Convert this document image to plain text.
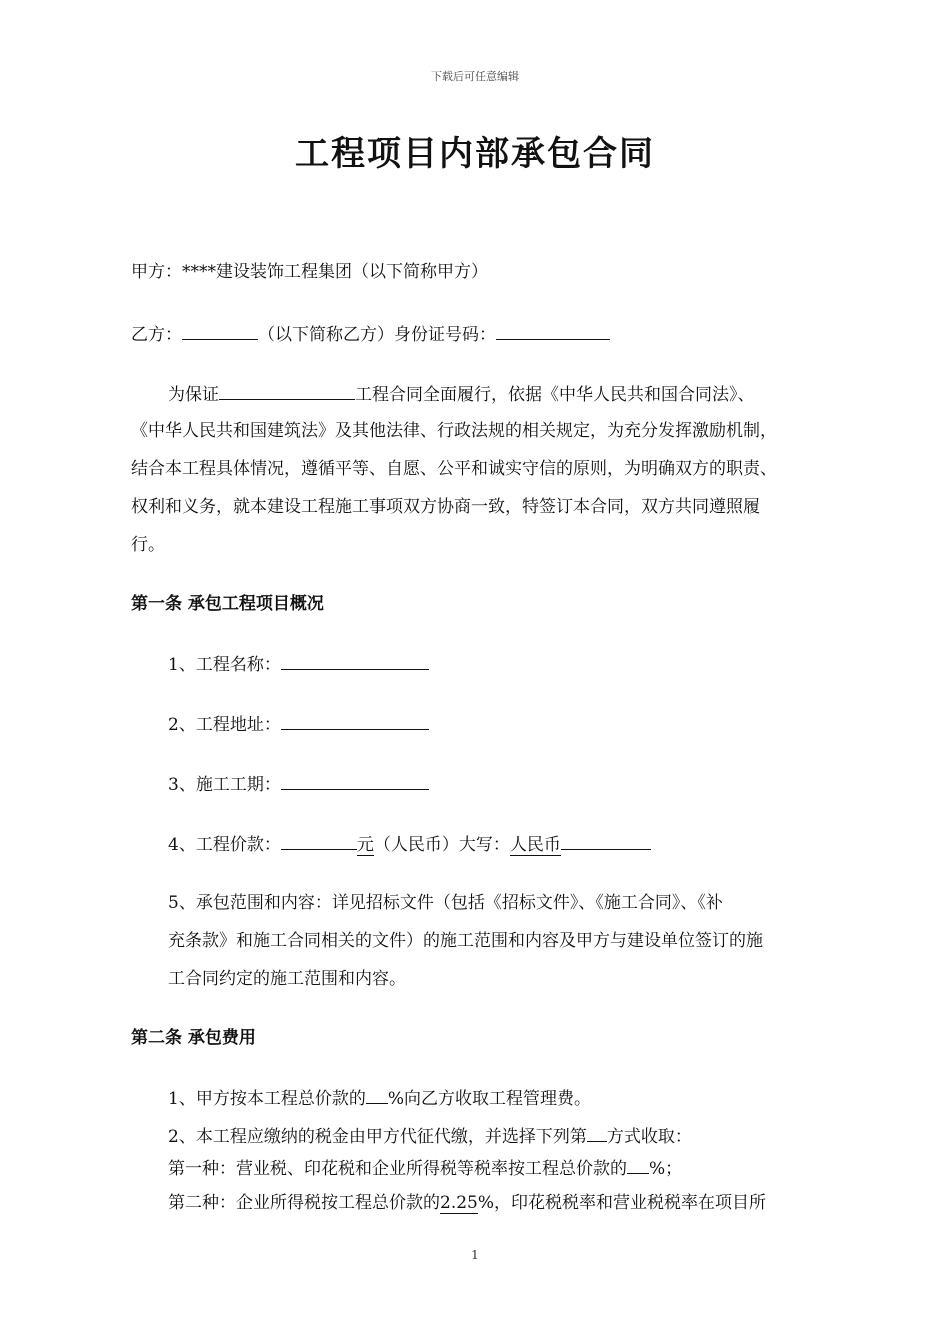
下载后可任意编辑
工程项目内部承包合同
甲方：****建设装饰工程集团（以下简称甲方）
乙方：	（以下简称乙方）身份证号码：
为保证	工程合同全面履行，依据《中华人民共和国合同法》、
《中华人民共和国建筑法》及其他法律、行政法规的相关规定，为充分发挥激励机制，
结合本工程具体情况，遵循平等、自愿、公平和诚实守信的原则，为明确双方的职责、
权利和义务，就本建设工程施工事项双方协商一致，特签订本合同，双方共同遵照履
行。
第一条 承包工程项目概况
1、工程名称：
2、工程地址：
3、施工工期：
4、工程价款：	元（人民币）大写：人民币
5、承包范围和内容：详见招标文件（包括《招标文件》、《施工合同》、《补
充条款》和施工合同相关的文件）的施工范围和内容及甲方与建设单位签订的施
工合同约定的施工范围和内容。
第二条 承包费用
1、甲方按本工程总价款的 %向乙方收取工程管理费。
2、本工程应缴纳的税金由甲方代征代缴，并选择下列第 方式收取：
第一种：营业税、印花税和企业所得税等税率按工程总价款的 %；
第二种：企业所得税按工程总价款的2.25%，印花税税率和营业税税率在项目所
1
